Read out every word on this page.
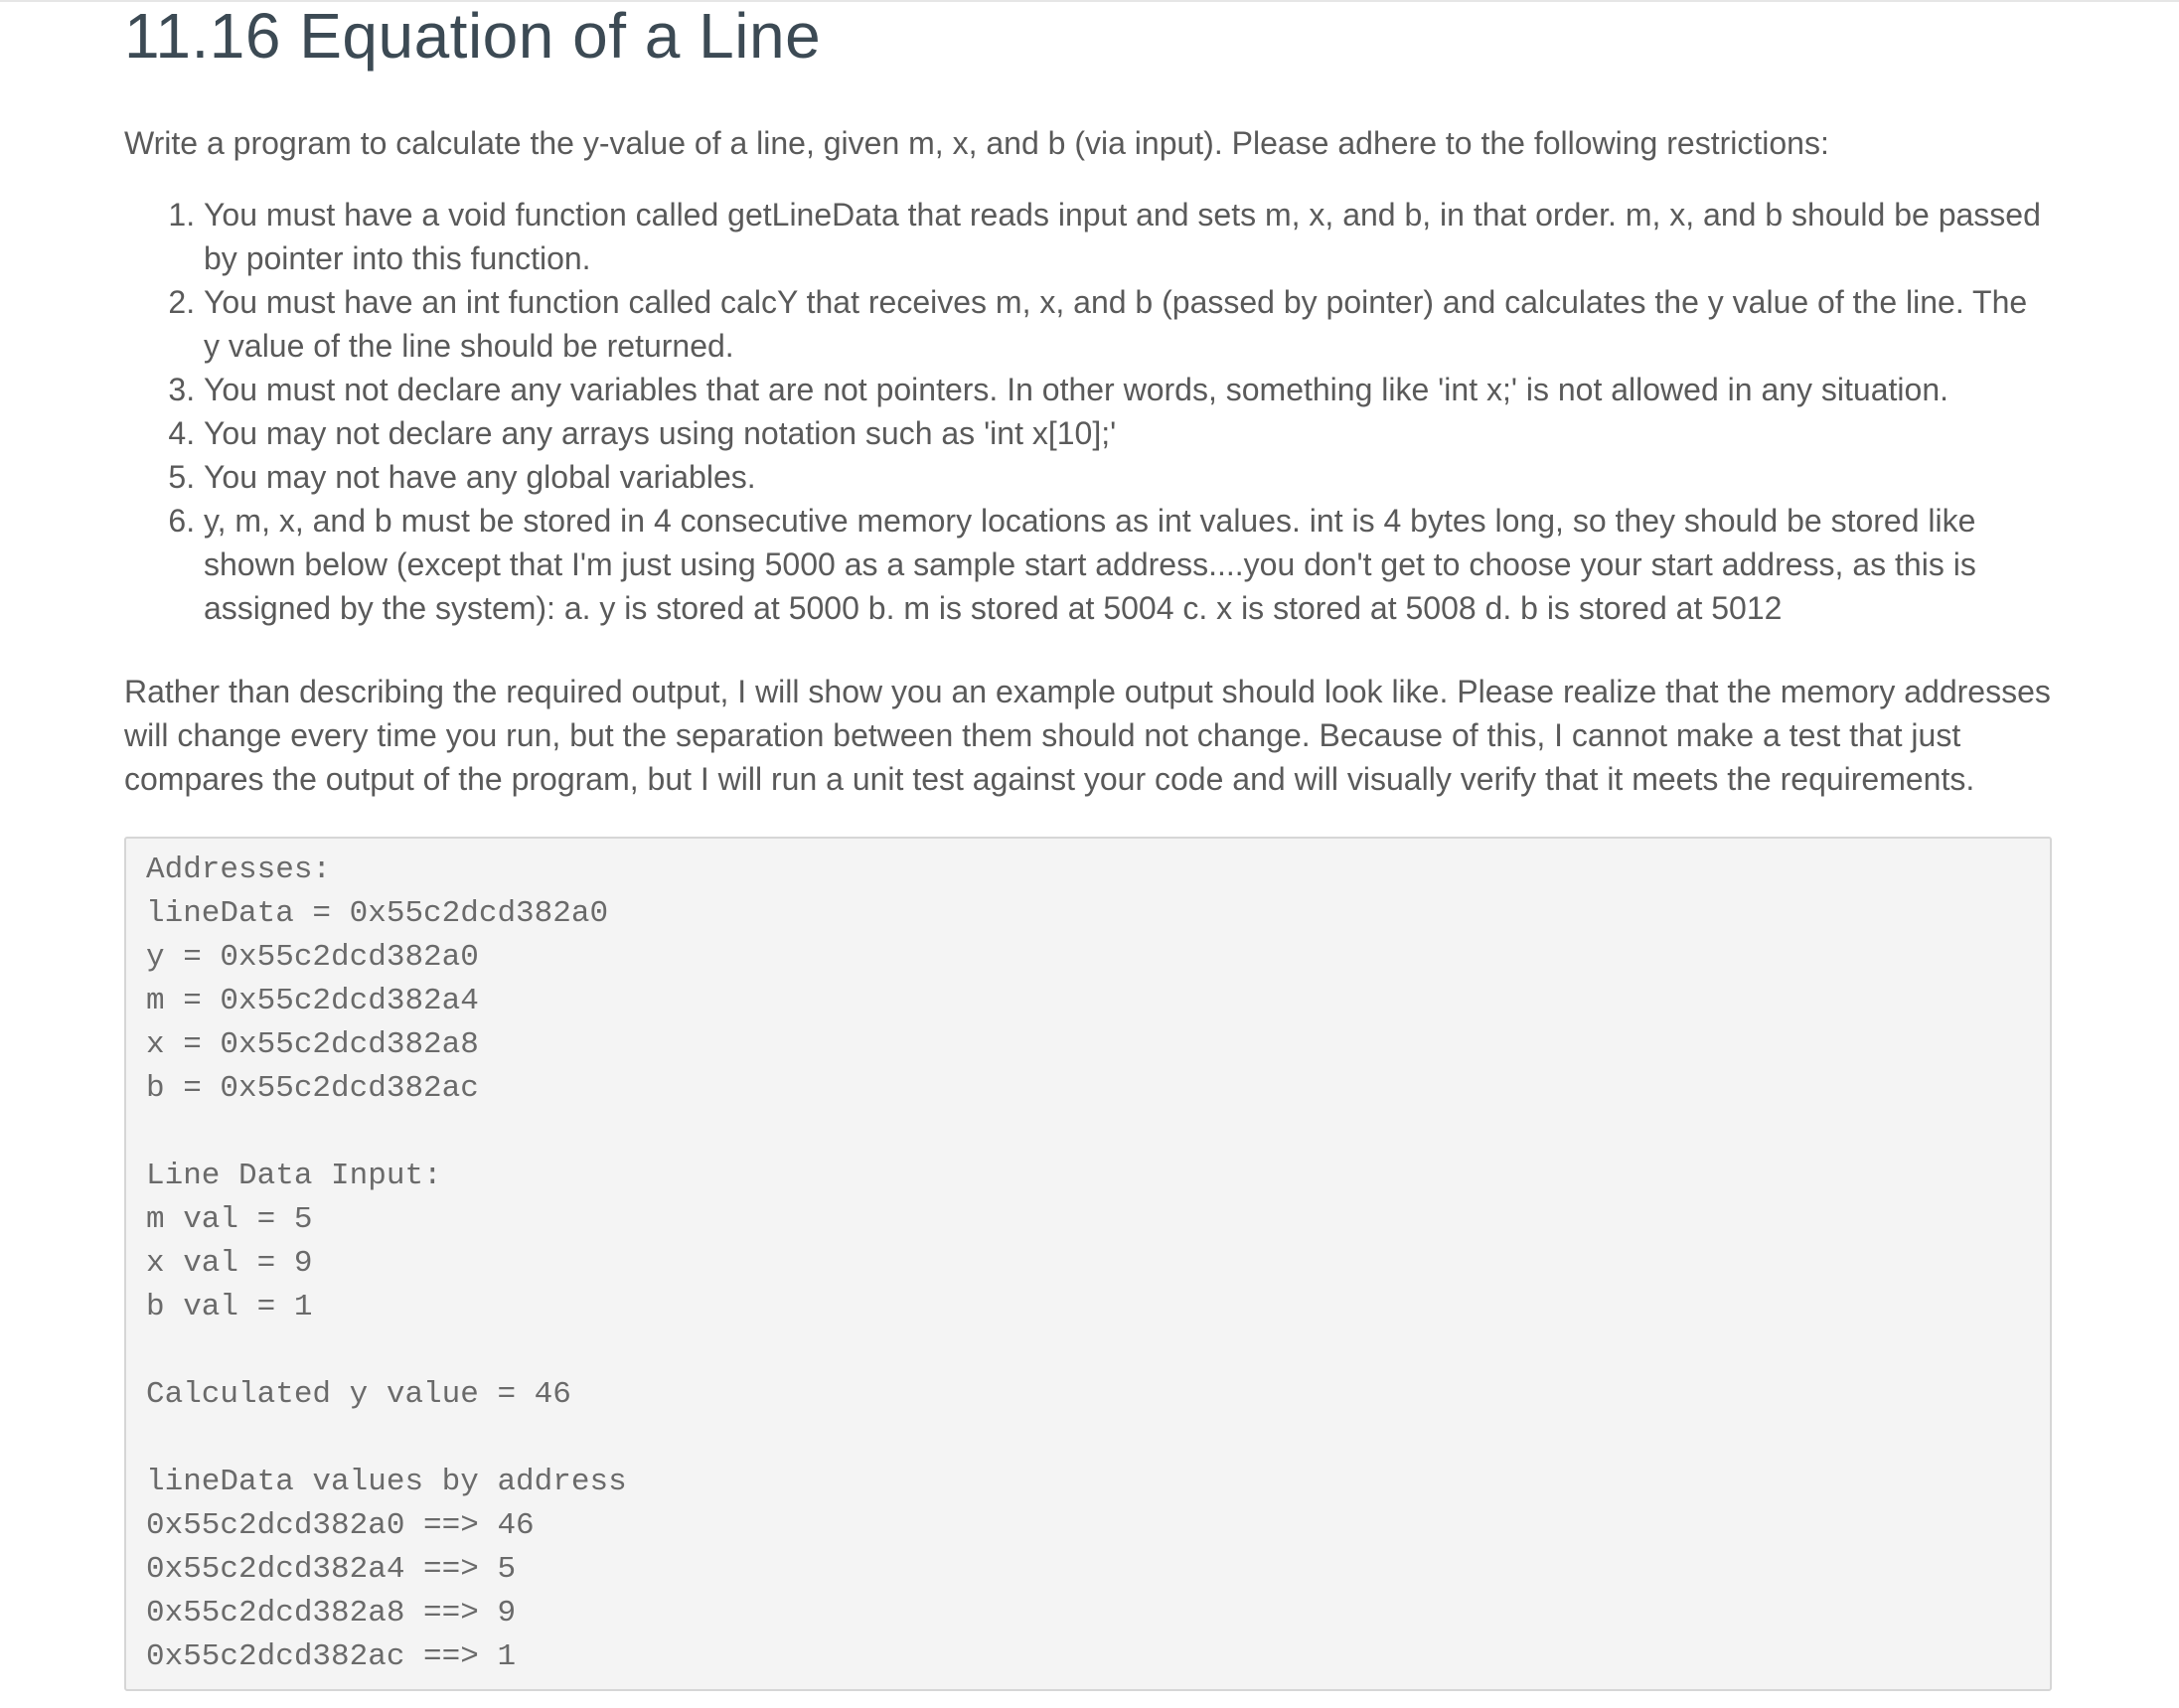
11.16 Equation of a Line

Write a program to calculate the y-value of a line, given m, x, and b (via input). Please adhere to the following restrictions:

1. You must have a void function called getLineData that reads input and sets m, x, and b, in that order. m, x, and b should be passed by pointer into this function.
2. You must have an int function called calcY that receives m, x, and b (passed by pointer) and calculates the y value of the line. The y value of the line should be returned.
3. You must not declare any variables that are not pointers. In other words, something like 'int x;' is not allowed in any situation.
4. You may not declare any arrays using notation such as 'int x[10];'
5. You may not have any global variables.
6. y, m, x, and b must be stored in 4 consecutive memory locations as int values. int is 4 bytes long, so they should be stored like shown below (except that I'm just using 5000 as a sample start address....you don't get to choose your start address, as this is assigned by the system): a. y is stored at 5000 b. m is stored at 5004 c. x is stored at 5008 d. b is stored at 5012

Rather than describing the required output, I will show you an example output should look like. Please realize that the memory addresses will change every time you run, but the separation between them should not change. Because of this, I cannot make a test that just compares the output of the program, but I will run a unit test against your code and will visually verify that it meets the requirements.

Addresses:
lineData = 0x55c2dcd382a0
y = 0x55c2dcd382a0
m = 0x55c2dcd382a4
x = 0x55c2dcd382a8
b = 0x55c2dcd382ac
Line Data Input:
m val = 5
x val = 9
b val = 1
Calculated y value = 46
lineData values by address
0x55c2dcd382a0 ==> 46
0x55c2dcd382a4 ==> 5
0x55c2dcd382a8 ==> 9
0x55c2dcd382ac ==> 1
